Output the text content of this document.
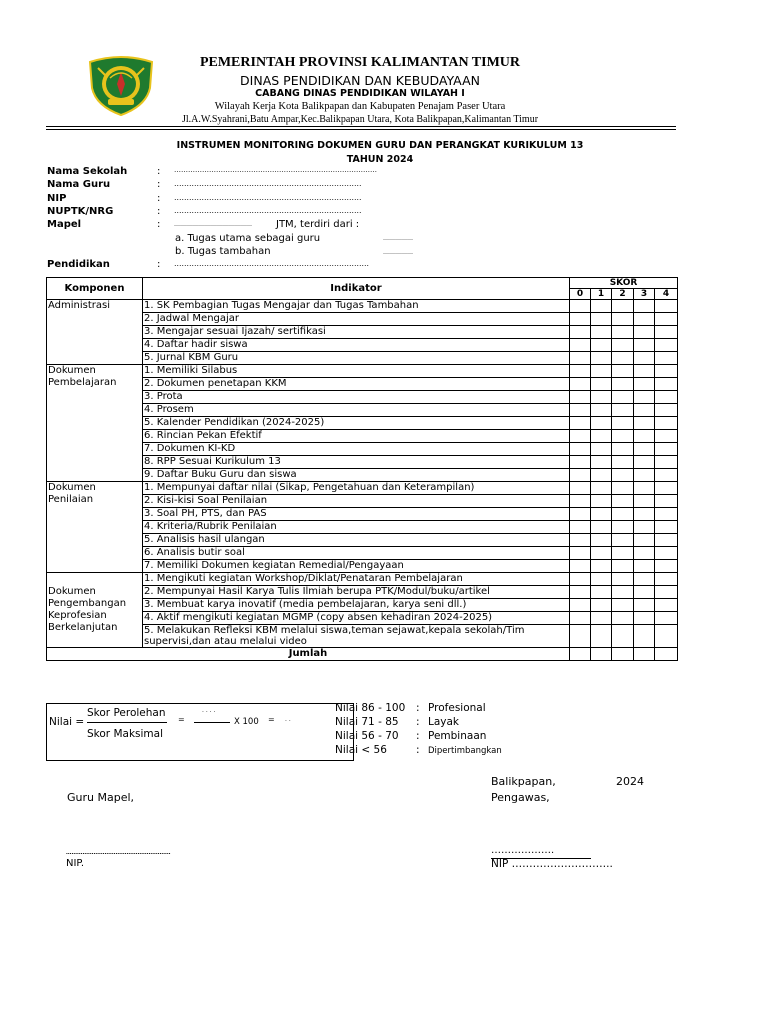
PEMERINTAH PROVINSI KALIMANTAN TIMUR
DINAS PENDIDIKAN DAN KEBUDAYAAN
CABANG DINAS PENDIDIKAN WILAYAH I
Wilayah Kerja Kota Balikpapan dan Kabupaten Penajam Paser Utara
Jl.A.W.Syahrani,Batu Ampar,Kec.Balikpapan Utara, Kota Balikpapan,Kalimantan Timur
INSTRUMEN MONITORING DOKUMEN GURU DAN PERANGKAT KURIKULUM 13
TAHUN 2024
Nama Sekolah	: ……………………………………………………………………………
Nama Guru	: …………………………………………………………………
NIP	: …………………………………………………………………
NUPTK/NRG	: …………………………………………………………………
Mapel	: ………………………………… JTM, terdiri dari :
a. Tugas utama sebagai guru	……………
b. Tugas tambahan	……………
Pendidikan	: ……………………………………………………………………
Komponen	Indikator	SKOR				
		0	1	2	3	4
Administrasi	1. SK Pembagian Tugas Mengajar dan Tugas Tambahan					
	2. Jadwal Mengajar					
	3. Mengajar sesuai Ijazah/ sertifikasi					
	4. Daftar hadir siswa					
	5. Jurnal KBM Guru					
Dokumen Pembelajaran	1. Memiliki Silabus					
	2. Dokumen penetapan KKM					
	3. Prota					
	4. Prosem					
	5. Kalender Pendidikan (2024-2025)					
	6. Rincian Pekan Efektif					
	7. Dokumen KI-KD					
	8. RPP Sesuai Kurikulum 13					
	9. Daftar Buku Guru dan siswa					
Dokumen Penilaian	1. Mempunyai daftar nilai (Sikap, Pengetahuan dan Keterampilan)					
	2. Kisi-kisi Soal Penilaian					
	3. Soal PH, PTS, dan PAS					
	4. Kriteria/Rubrik Penilaian					
	5. Analisis hasil ulangan					
	6. Analisis butir soal					
	7. Memiliki Dokumen kegiatan Remedial/Pengayaan					
Dokumen Pengembangan Keprofesian Berkelanjutan	1. Mengikuti kegiatan Workshop/Diklat/Penataran Pembelajaran					
	2. Mempunyai Hasil Karya Tulis Ilmiah berupa PTK/Modul/buku/artikel					
	3. Membuat karya inovatif (media pembelajaran, karya seni dll.)					
	4. Aktif mengikuti kegiatan MGMP (copy absen kehadiran 2024-2025)					
	5. Melakukan Refleksi KBM melalui siswa,teman sejawat,kepala sekolah/Tim supervisi,dan atau melalui video					
Jumlah						
Nilai =
Skor Perolehan
Skor Maksimal
=
· · · ·
X 100 = · ·
Nilai 86 - 100 : Profesional
Nilai 71 - 85 : Layak
Nilai 56 - 70 : Pembinaan
Nilai < 56	: Dipertimbangkan
Balikpapan,	2024
Guru Mapel,	Pengawas,
…………………………………………………
NIP.
……………….
NIP ………………………..
